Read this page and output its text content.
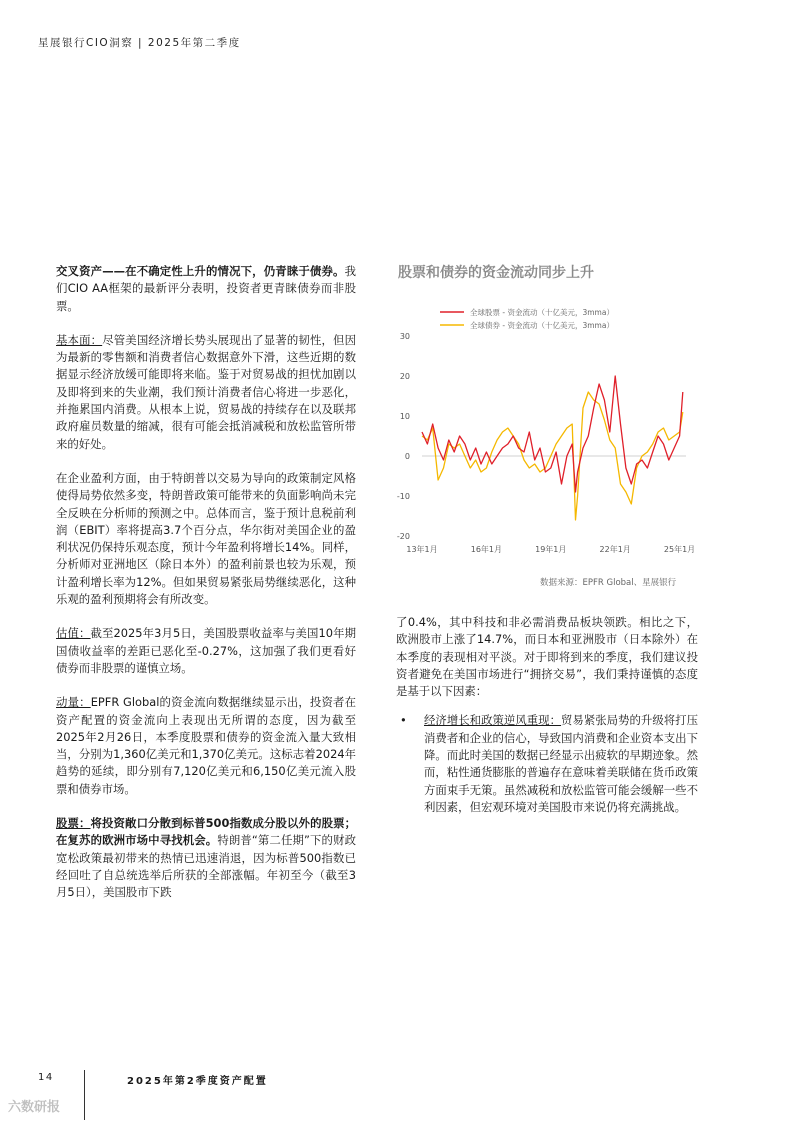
星展银行CIO洞察 | 2025年第二季度

交叉资产——在不确定性上升的情况下，仍青睐于债券。我们CIO AA框架的最新评分表明，投资者更青睐债券而非股票。

基本面：尽管美国经济增长势头展现出了显著的韧性，但因为最新的零售额和消费者信心数据意外下滑，这些近期的数据显示经济放缓可能即将来临。鉴于对贸易战的担忧加剧以及即将到来的失业潮，我们预计消费者信心将进一步恶化，并拖累国内消费。从根本上说，贸易战的持续存在以及联邦政府雇员数量的缩减，很有可能会抵消减税和放松监管所带来的好处。

在企业盈利方面，由于特朗普以交易为导向的政策制定风格使得局势依然多变，特朗普政策可能带来的负面影响尚未完全反映在分析师的预测之中。总体而言，鉴于预计息税前利润（EBIT）率将提高3.7个百分点，华尔街对美国企业的盈利状况仍保持乐观态度，预计今年盈利将增长14%。同样，分析师对亚洲地区（除日本外）的盈利前景也较为乐观，预计盈利增长率为12%。但如果贸易紧张局势继续恶化，这种乐观的盈利预期将会有所改变。

估值：截至2025年3月5日，美国股票收益率与美国10年期国债收益率的差距已恶化至-0.27%，这加强了我们更看好债券而非股票的谨慎立场。

动量：EPFR Global的资金流向数据继续显示出，投资者在资产配置的资金流向上表现出无所谓的态度，因为截至2025年2月26日，本季度股票和债券的资金流入量大致相当，分别为1,360亿美元和1,370亿美元。这标志着2024年趋势的延续，即分别有7,120亿美元和6,150亿美元流入股票和债券市场。

股票：将投资敞口分散到标普500指数成分股以外的股票；在复苏的欧洲市场中寻找机会。特朗普“第二任期”下的财政宽松政策最初带来的热情已迅速消退，因为标普500指数已经回吐了自总统选举后所获的全部涨幅。年初至今（截至3月5日），美国股市下跌

股票和债券的资金流动同步上升
30
20
10
0
-10
-20
13年1月	16年1月	19年1月	22年1月	25年1月
全球股票 - 资金流动（十亿美元，3mma）
全球债券 - 资金流动（十亿美元，3mma）
数据来源：EPFR Global、星展银行

了0.4%，其中科技和非必需消费品板块领跌。相比之下，欧洲股市上涨了14.7%，而日本和亚洲股市（日本除外）在本季度的表现相对平淡。对于即将到来的季度，我们建议投资者避免在美国市场进行“拥挤交易”，我们秉持谨慎的态度是基于以下因素：

• 经济增长和政策逆风重现：贸易紧张局势的升级将打压消费者和企业的信心，导致国内消费和企业资本支出下降。而此时美国的数据已经显示出疲软的早期迹象。然而，粘性通货膨胀的普遍存在意味着美联储在货币政策方面束手无策。虽然减税和放松监管可能会缓解一些不利因素，但宏观环境对美国股市来说仍将充满挑战。

14	2025年第2季度资产配置
六数研报
